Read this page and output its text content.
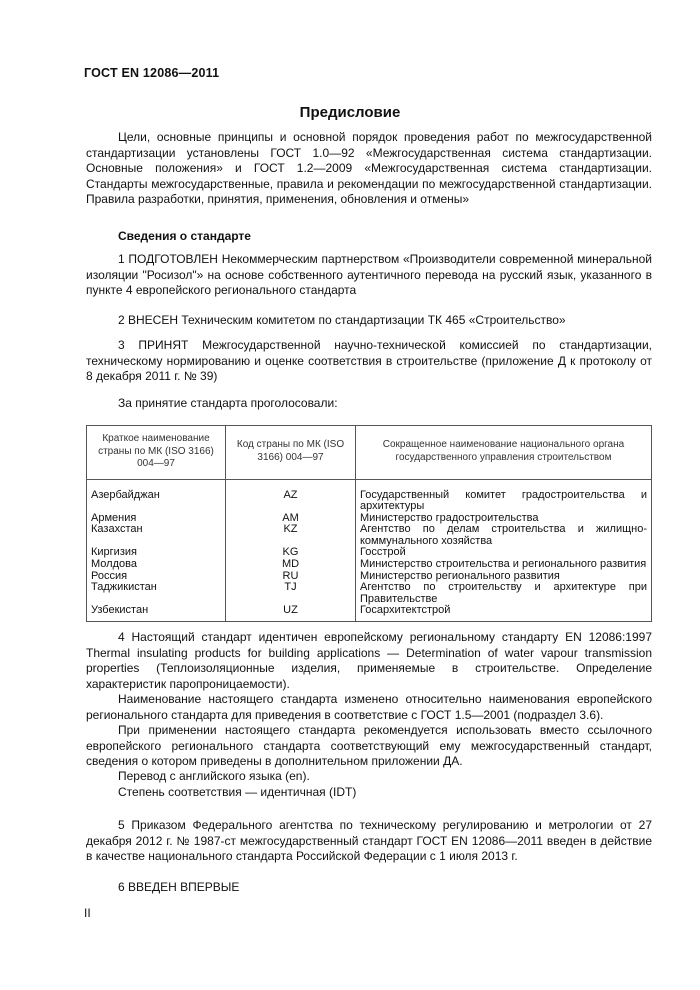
ГОСТ EN 12086—2011
Предисловие
Цели, основные принципы и основной порядок проведения работ по межгосударственной стандартизации установлены ГОСТ 1.0—92 «Межгосударственная система стандартизации. Основные положения» и ГОСТ 1.2—2009 «Межгосударственная система стандартизации. Стандарты межгосударственные, правила и рекомендации по межгосударственной стандартизации. Правила разработки, принятия, применения, обновления и отмены»
Сведения о стандарте
1 ПОДГОТОВЛЕН Некоммерческим партнерством «Производители современной минеральной изоляции "Росизол"» на основе собственного аутентичного перевода на русский язык, указанного в пункте 4 европейского регионального стандарта
2 ВНЕСЕН Техническим комитетом по стандартизации ТК 465 «Строительство»
3 ПРИНЯТ Межгосударственной научно-технической комиссией по стандартизации, техническому нормированию и оценке соответствия в строительстве (приложение Д к протоколу от 8 декабря 2011 г. № 39)
За принятие стандарта проголосовали:
Краткое наименование страны по МК (ISO 3166) 004—97	Код страны по МК (ISO 3166) 004—97	Сокращенное наименование национального органа государственного управления строительством
Азербайджан	AZ	Государственный комитет градостроительства и архитектуры
Армения	AM	Министерство градостроительства
Казахстан	KZ	Агентство по делам строительства и жилищно-коммунального хозяйства
Киргизия	KG	Госстрой
Молдова	MD	Министерство строительства и регионального развития
Россия	RU	Министерство регионального развития
Таджикистан	TJ	Агентство по строительству и архитектуре при Правительстве
Узбекистан	UZ	Госархитектстрой
4 Настоящий стандарт идентичен европейскому региональному стандарту EN 12086:1997 Thermal insulating products for building applications — Determination of water vapour transmission properties (Теплоизоляционные изделия, применяемые в строительстве. Определение характеристик паропроницаемости).
Наименование настоящего стандарта изменено относительно наименования европейского регионального стандарта для приведения в соответствие с ГОСТ 1.5—2001 (подраздел 3.6).
При применении настоящего стандарта рекомендуется использовать вместо ссылочного европейского регионального стандарта соответствующий ему межгосударственный стандарт, сведения о котором приведены в дополнительном приложении ДА.
Перевод с английского языка (en).
Степень соответствия — идентичная (IDT)
5 Приказом Федерального агентства по техническому регулированию и метрологии от 27 декабря 2012 г. № 1987-ст межгосударственный стандарт ГОСТ EN 12086—2011 введен в действие в качестве национального стандарта Российской Федерации с 1 июля 2013 г.
6 ВВЕДЕН ВПЕРВЫЕ
II
